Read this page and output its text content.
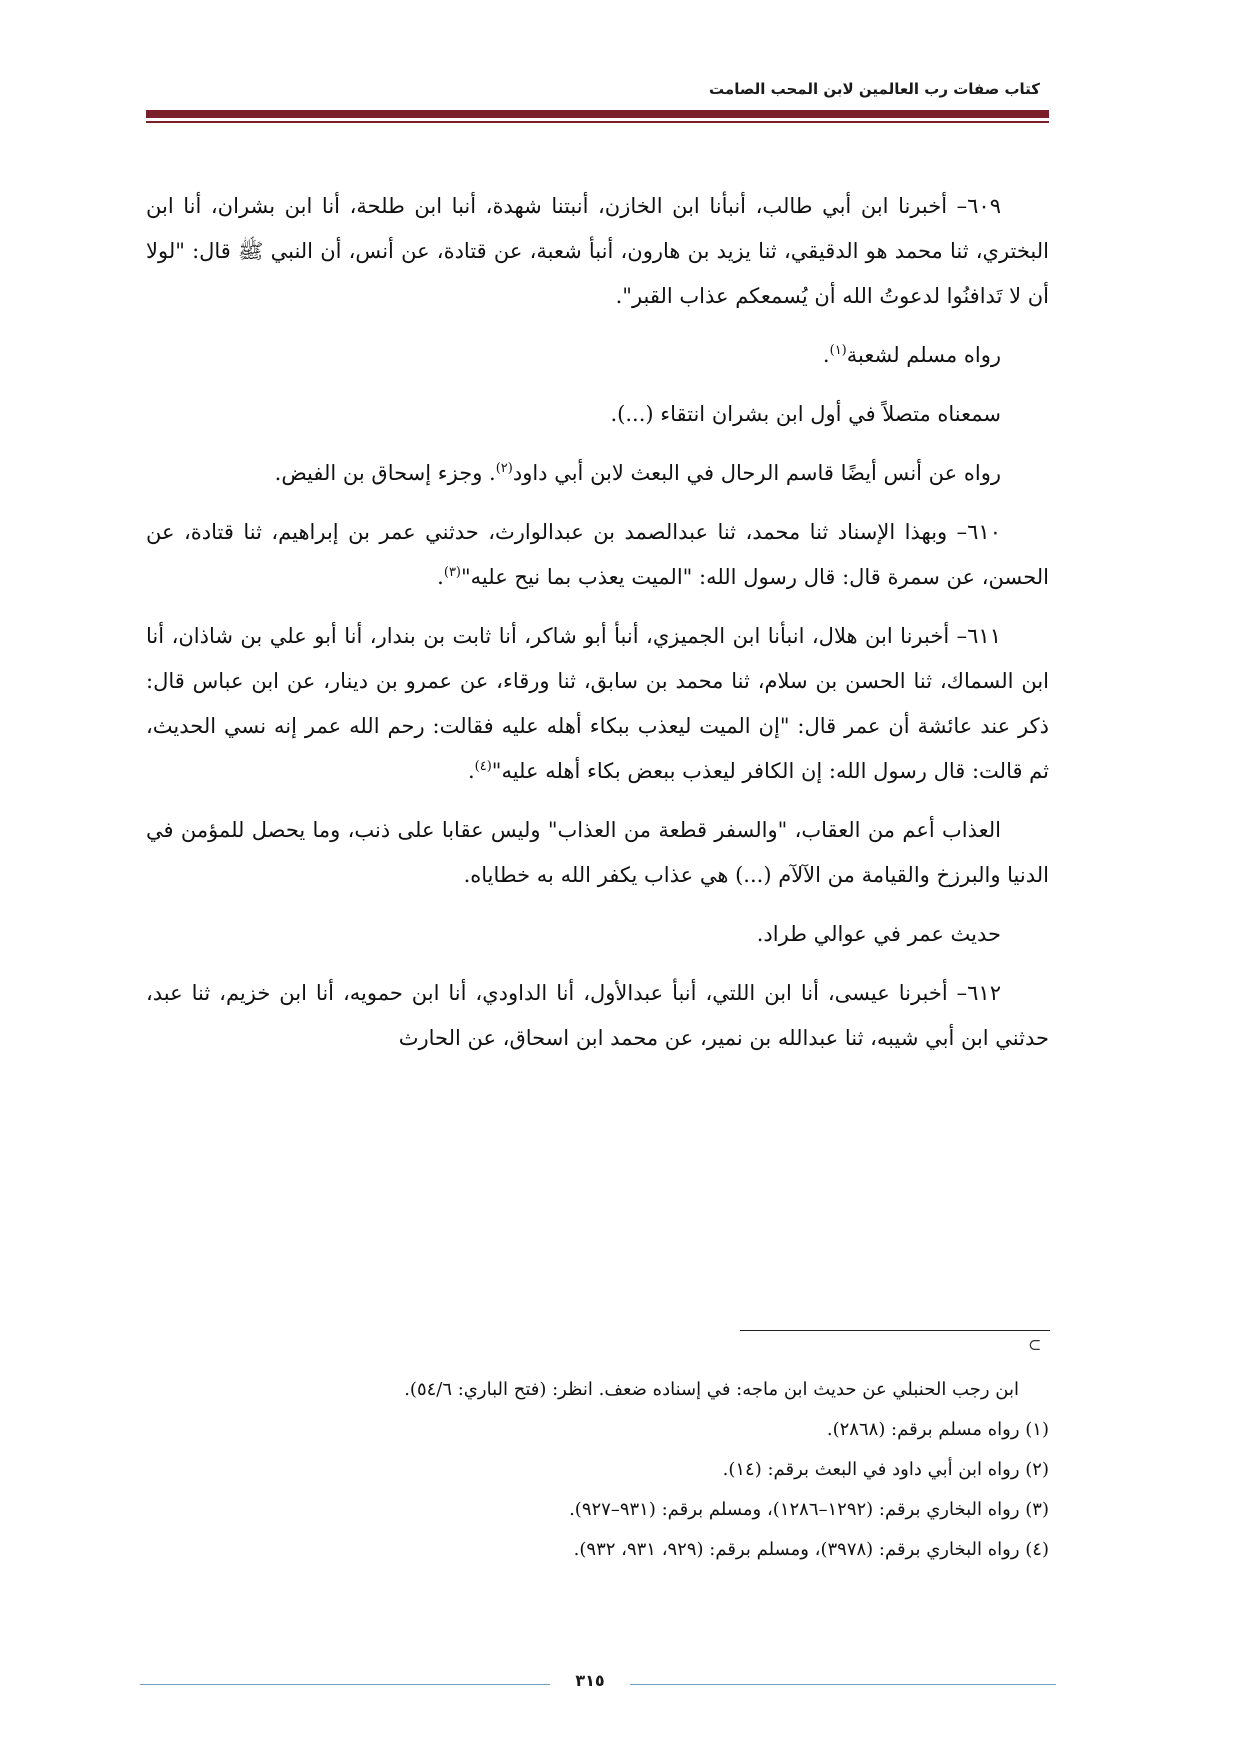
كتاب صفات رب العالمين لابن المحب الصامت

٦٠٩– أخبرنا ابن أبي طالب، أنبأنا ابن الخازن، أنبتنا شهدة، أنبا ابن طلحة، أنا ابن بشران، أنا ابن البختري، ثنا محمد هو الدقيقي، ثنا يزيد بن هارون، أنبأ شعبة، عن قتادة، عن أنس، أن النبي ﷺ قال: "لولا أن لا تَدافنُوا لدعوتُ الله أن يُسمعكم عذاب القبر".

رواه مسلم لشعبة$^{(١)}$.

سمعناه متصلاً في أول ابن بشران انتقاء (...).

رواه عن أنس أيضًا قاسم الرحال في البعث لابن أبي داود$^{(٢)}$. وجزء إسحاق بن الفيض.

٦١٠– وبهذا الإسناد ثنا محمد، ثنا عبدالصمد بن عبدالوارث، حدثني عمر بن إبراهيم، ثنا قتادة، عن الحسن، عن سمرة قال: قال رسول الله: "الميت يعذب بما نيح عليه"$^{(٣)}$.

٦١١– أخبرنا ابن هلال، انبأنا ابن الجميزي، أنبأ أبو شاكر، أنا ثابت بن بندار، أنا أبو علي بن شاذان، أنا ابن السماك، ثنا الحسن بن سلام، ثنا محمد بن سابق، ثنا ورقاء، عن عمرو بن دينار، عن ابن عباس قال: ذكر عند عائشة أن عمر قال: "إن الميت ليعذب ببكاء أهله عليه فقالت: رحم الله عمر إنه نسي الحديث، ثم قالت: قال رسول الله: إن الكافر ليعذب ببعض بكاء أهله عليه"$^{(٤)}$.

العذاب أعم من العقاب، "والسفر قطعة من العذاب" وليس عقابا على ذنب، وما يحصل للمؤمن في الدنيا والبرزخ والقيامة من الآلآم (...) هي عذاب يكفر الله به خطاياه.

حديث عمر في عوالي طراد.

٦١٢– أخبرنا عيسى، أنا ابن اللتي، أنبأ عبدالأول، أنا الداودي، أنا ابن حمويه، أنا ابن خزيم، ثنا عبد، حدثني ابن أبي شيبه، ثنا عبدالله بن نمير، عن محمد ابن اسحاق، عن الحارث

⊃
ابن رجب الحنبلي عن حديث ابن ماجه: في إسناده ضعف. انظر: (فتح الباري: ٥٤/٦).
(١) رواه مسلم برقم: (٢٨٦٨).
(٢) رواه ابن أبي داود في البعث برقم: (١٤).
(٣) رواه البخاري برقم: (١٢٩٢–١٢٨٦)، ومسلم برقم: (٩٣١–٩٢٧).
(٤) رواه البخاري برقم: (٣٩٧٨)، ومسلم برقم: (٩٢٩، ٩٣١، ٩٣٢).
٣١٥
